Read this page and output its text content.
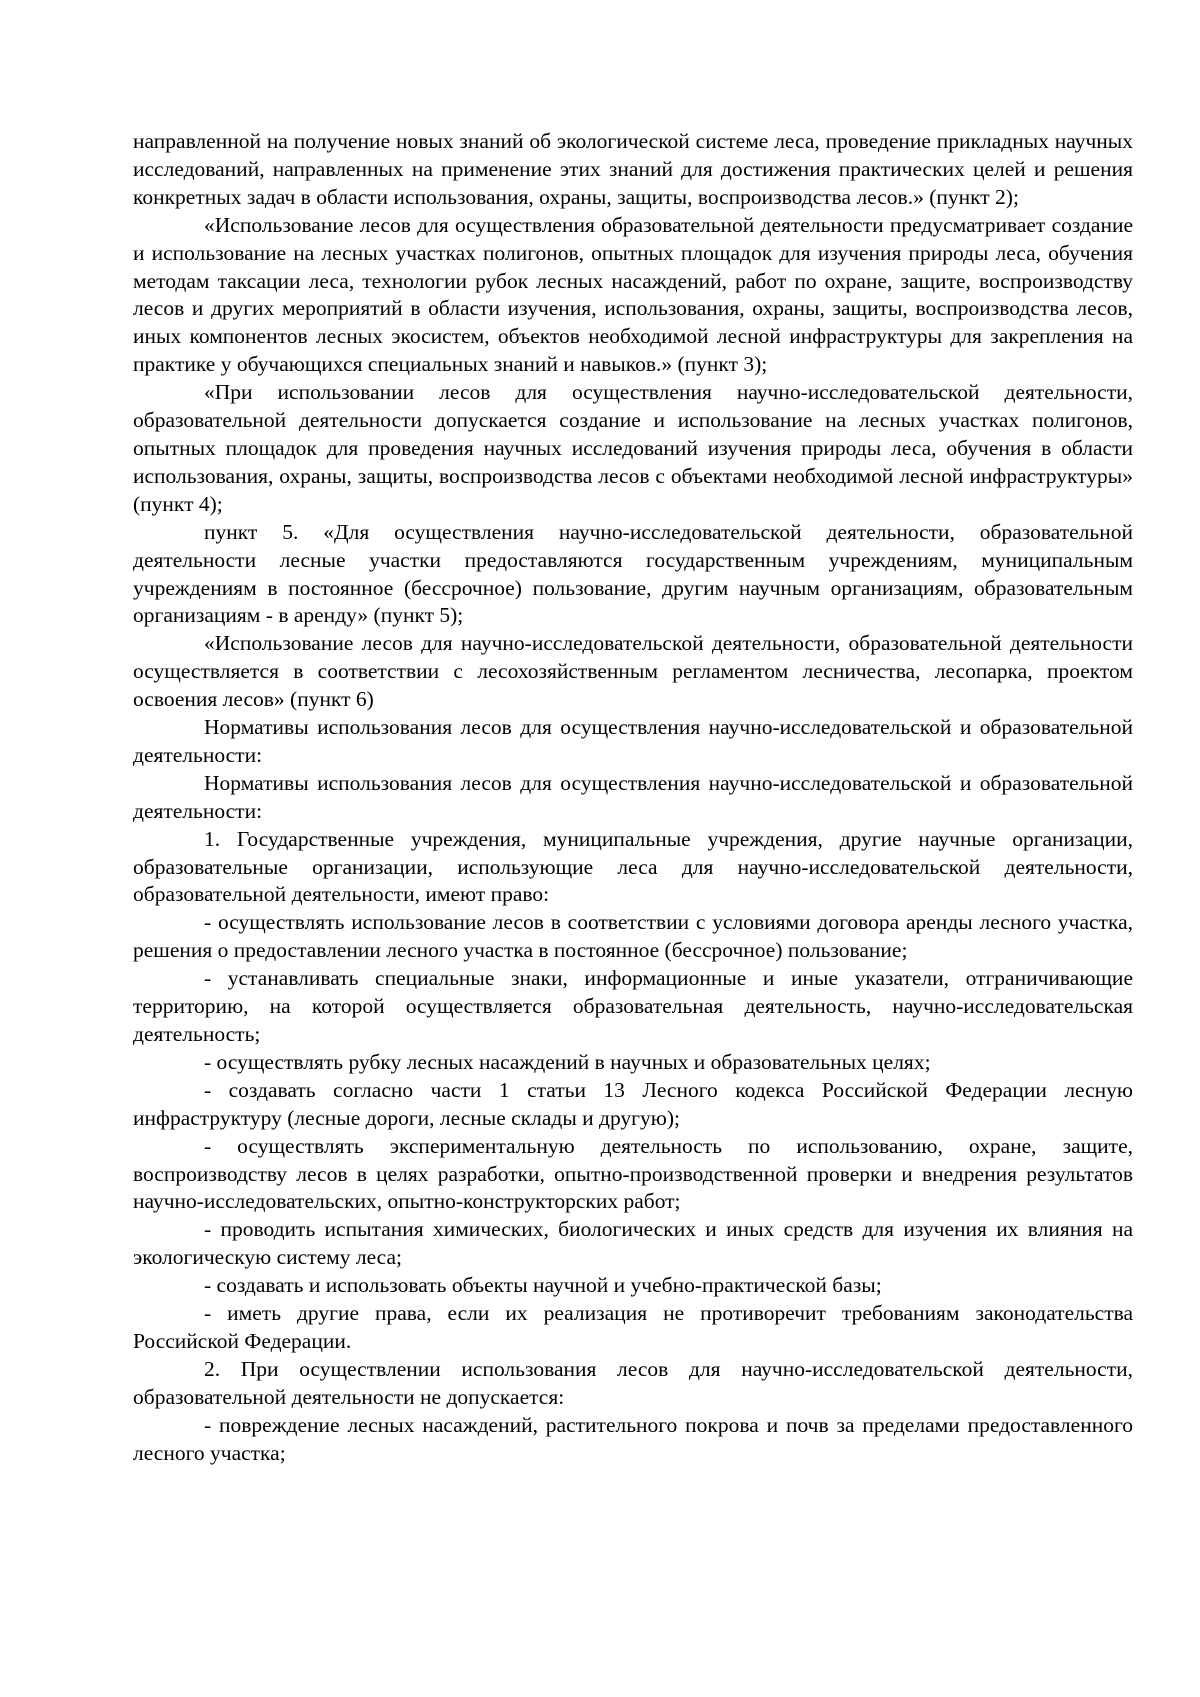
направленной на получение новых знаний об экологической системе леса, проведение прикладных научных исследований, направленных на применение этих знаний для достижения практических целей и решения конкретных задач в области использования, охраны, защиты, воспроизводства лесов.» (пункт 2);

«Использование лесов для осуществления образовательной деятельности предусматривает создание и использование на лесных участках полигонов, опытных площадок для изучения природы леса, обучения методам таксации леса, технологии рубок лесных насаждений, работ по охране, защите, воспроизводству лесов и других мероприятий в области изучения, использования, охраны, защиты, воспроизводства лесов, иных компонентов лесных экосистем, объектов необходимой лесной инфраструктуры для закрепления на практике у обучающихся специальных знаний и навыков.» (пункт 3);

«При использовании лесов для осуществления научно-исследовательской деятельности, образовательной деятельности допускается создание и использование на лесных участках полигонов, опытных площадок для проведения научных исследований изучения природы леса, обучения в области использования, охраны, защиты, воспроизводства лесов с объектами необходимой лесной инфраструктуры» (пункт 4);

пункт 5. «Для осуществления научно-исследовательской деятельности, образовательной деятельности лесные участки предоставляются государственным учреждениям, муниципальным учреждениям в постоянное (бессрочное) пользование, другим научным организациям, образовательным организациям - в аренду» (пункт 5);

«Использование лесов для научно-исследовательской деятельности, образовательной деятельности осуществляется в соответствии с лесохозяйственным регламентом лесничества, лесопарка, проектом освоения лесов» (пункт 6)

Нормативы использования лесов для осуществления научно-исследовательской и образовательной деятельности:

Нормативы использования лесов для осуществления научно-исследовательской и образовательной деятельности:

1. Государственные учреждения, муниципальные учреждения, другие научные организации, образовательные организации, использующие леса для научно-исследовательской деятельности, образовательной деятельности, имеют право:

- осуществлять использование лесов в соответствии с условиями договора аренды лесного участка, решения о предоставлении лесного участка в постоянное (бессрочное) пользование;

- устанавливать специальные знаки, информационные и иные указатели, отграничивающие территорию, на которой осуществляется образовательная деятельность, научно-исследовательская деятельность;

- осуществлять рубку лесных насаждений в научных и образовательных целях;

- создавать согласно части 1 статьи 13 Лесного кодекса Российской Федерации лесную инфраструктуру (лесные дороги, лесные склады и другую);

- осуществлять экспериментальную деятельность по использованию, охране, защите, воспроизводству лесов в целях разработки, опытно-производственной проверки и внедрения результатов научно-исследовательских, опытно-конструкторских работ;

- проводить испытания химических, биологических и иных средств для изучения их влияния на экологическую систему леса;

- создавать и использовать объекты научной и учебно-практической базы;

- иметь другие права, если их реализация не противоречит требованиям законодательства Российской Федерации.

2. При осуществлении использования лесов для научно-исследовательской деятельности, образовательной деятельности не допускается:

- повреждение лесных насаждений, растительного покрова и почв за пределами предоставленного лесного участка;
